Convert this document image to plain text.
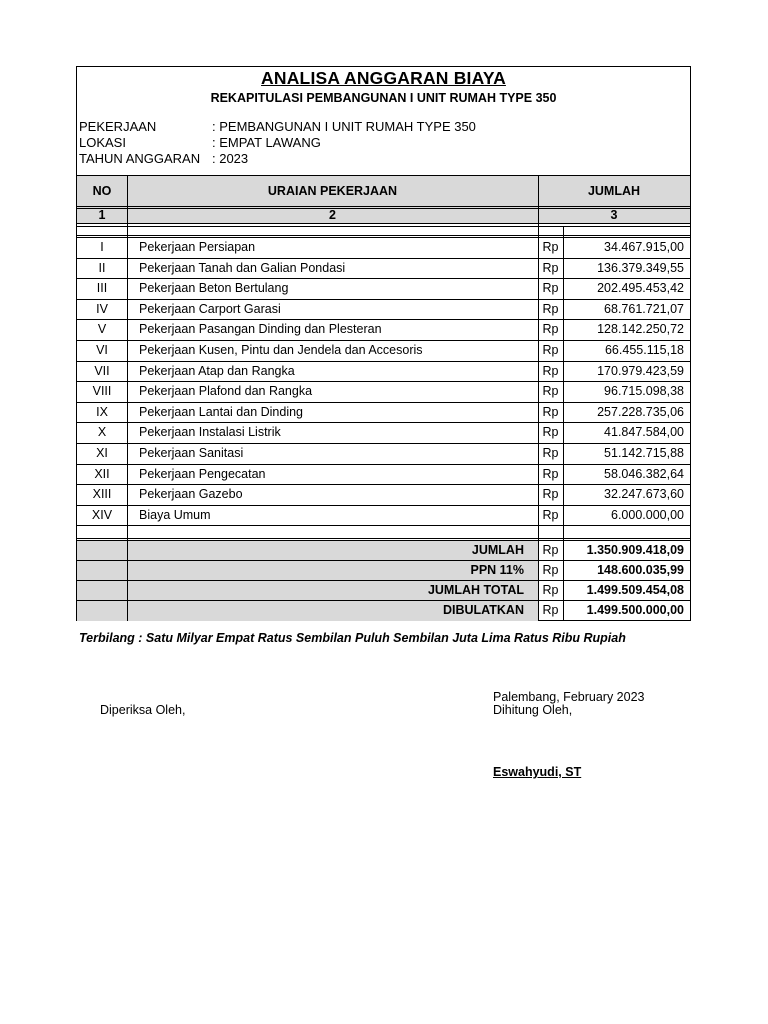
ANALISA ANGGARAN BIAYA
REKAPITULASI PEMBANGUNAN I UNIT RUMAH TYPE 350
PEKERJAAN	: PEMBANGUNAN I UNIT RUMAH TYPE 350
LOKASI	: EMPAT LAWANG
TAHUN ANGGARAN : 2023
NO	URAIAN PEKERJAAN	JUMLAH
1	2	3
I	Pekerjaan Persiapan	Rp	34.467.915,00
II	Pekerjaan Tanah dan Galian Pondasi	Rp	136.379.349,55
III	Pekerjaan Beton Bertulang	Rp	202.495.453,42
IV	Pekerjaan Carport Garasi	Rp	68.761.721,07
V	Pekerjaan Pasangan Dinding dan Plesteran	Rp	128.142.250,72
VI	Pekerjaan Kusen, Pintu dan Jendela dan Accesoris	Rp	66.455.115,18
VII	Pekerjaan Atap dan Rangka	Rp	170.979.423,59
VIII	Pekerjaan Plafond dan Rangka	Rp	96.715.098,38
IX	Pekerjaan Lantai dan Dinding	Rp	257.228.735,06
X	Pekerjaan Instalasi Listrik	Rp	41.847.584,00
XI	Pekerjaan Sanitasi	Rp	51.142.715,88
XII	Pekerjaan Pengecatan	Rp	58.046.382,64
XIII	Pekerjaan Gazebo	Rp	32.247.673,60
XIV	Biaya Umum	Rp	6.000.000,00
JUMLAH	Rp	1.350.909.418,09
PPN 11%	Rp	148.600.035,99
JUMLAH TOTAL	Rp	1.499.509.454,08
DIBULATKAN	Rp	1.499.500.000,00
Terbilang : Satu Milyar Empat Ratus Sembilan Puluh Sembilan Juta Lima Ratus Ribu Rupiah
Palembang, February 2023
Diperiksa Oleh,	Dihitung Oleh,
Eswahyudi, ST
